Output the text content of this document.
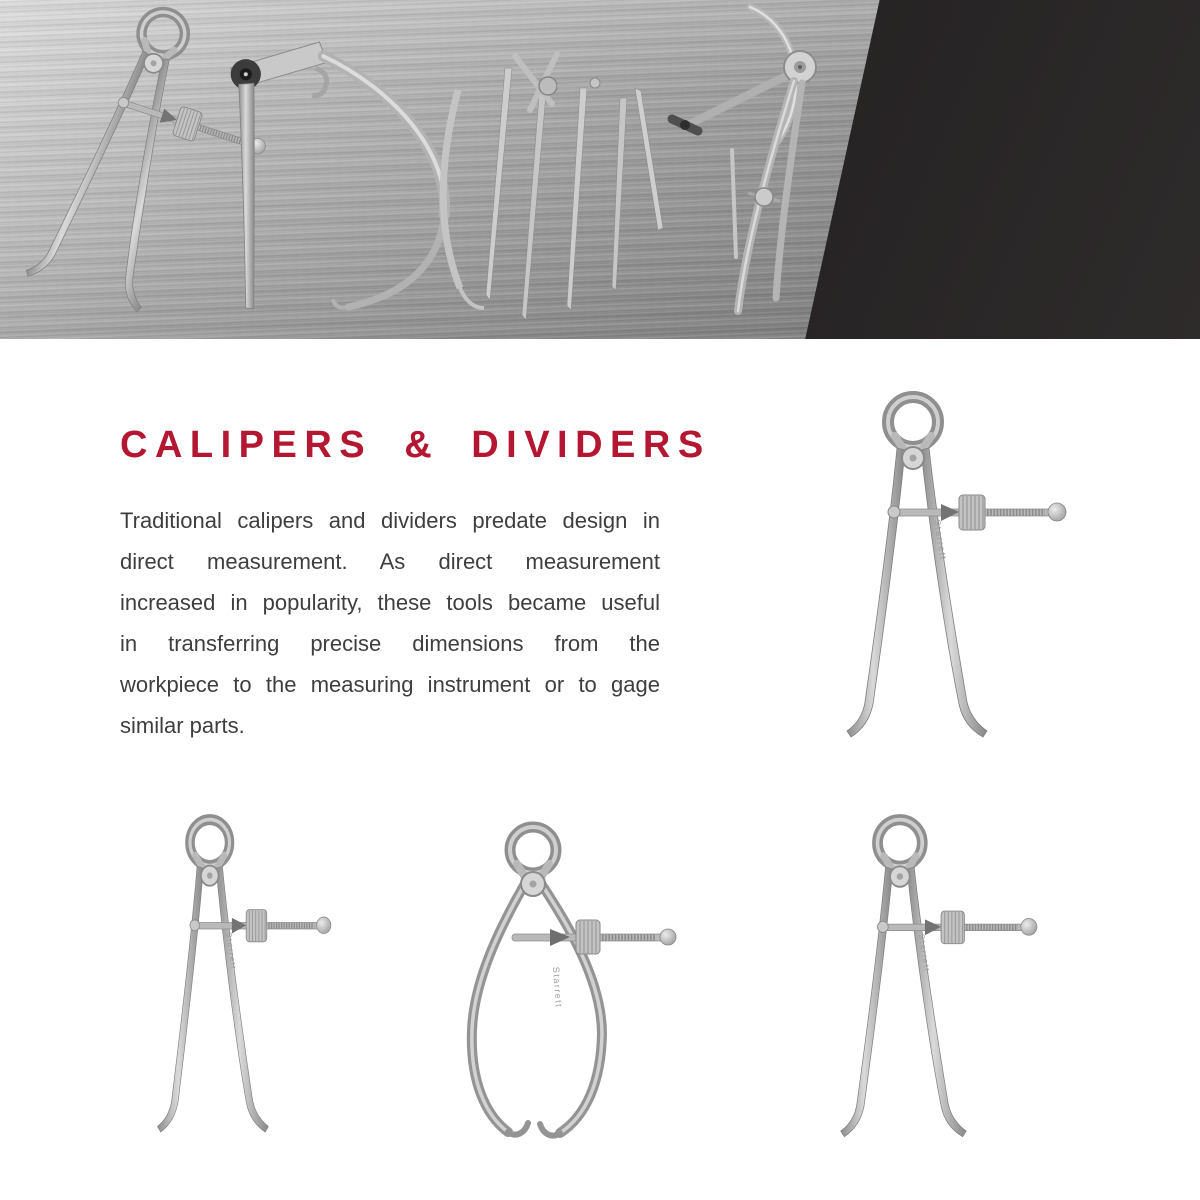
CALIPERS & DIVIDERS
Traditional calipers and dividers predate design in
direct measurement. As direct measurement
increased in popularity, these tools became useful
in transferring precise dimensions from the
workpiece to the measuring instrument or to gage
similar parts.
Starrett
Starrett
Starrett
Starrett
